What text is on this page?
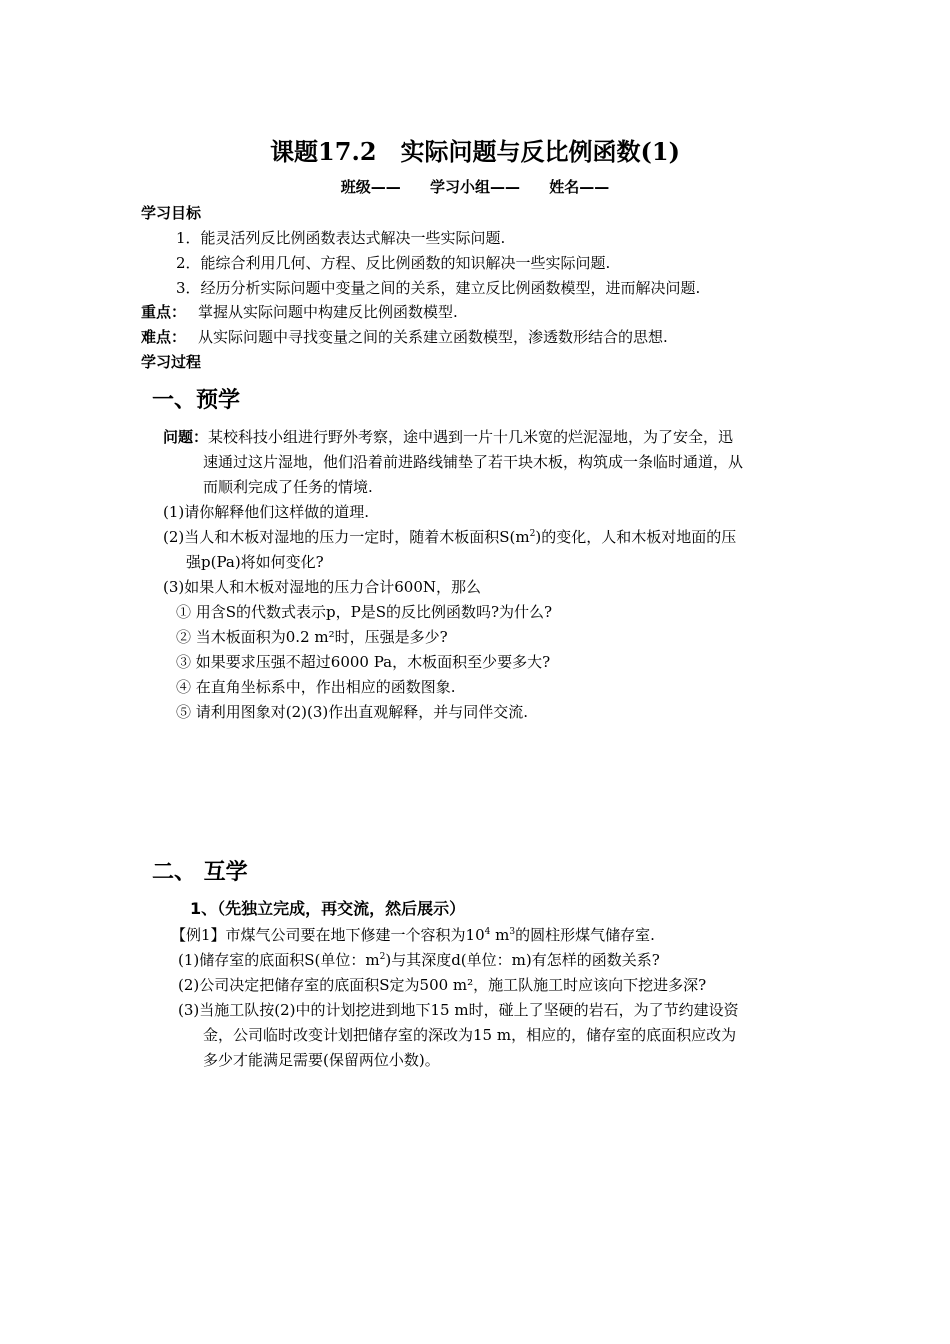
课题17.2　实际问题与反比例函数(1)
班级—— 学习小组—— 姓名——
学习目标
1．能灵活列反比例函数表达式解决一些实际问题.
2．能综合利用几何、方程、反比例函数的知识解决一些实际问题.
3．经历分析实际问题中变量之间的关系，建立反比例函数模型，进而解决问题.
重点： 掌握从实际问题中构建反比例函数模型.
难点： 从实际问题中寻找变量之间的关系建立函数模型，渗透数形结合的思想.
学习过程
一、预学
问题：某校科技小组进行野外考察，途中遇到一片十几米宽的烂泥湿地，为了安全，迅
速通过这片湿地，他们沿着前进路线铺垫了若干块木板，构筑成一条临时通道，从
而顺利完成了任务的情境.
(1)请你解释他们这样做的道理.
(2)当人和木板对湿地的压力一定时，随着木板面积$S(m^2)$的变化，人和木板对地面的压
强p(Pa)将如何变化?
(3)如果人和木板对湿地的压力合计600N，那么
① 用含S的代数式表示p，P是S的反比例函数吗?为什么?
② 当木板面积为0.2 m²时，压强是多少?
③ 如果要求压强不超过6000 Pa，木板面积至少要多大?
④ 在直角坐标系中，作出相应的函数图象.
⑤ 请利用图象对(2)(3)作出直观解释，并与同伴交流.
二、 互学
1、（先独立完成，再交流，然后展示）
【例1】市煤气公司要在地下修建一个容积为$10^4$ $m^3$的圆柱形煤气储存室.
(1)储存室的底面积S(单位：$m^2$)与其深度d(单位：m)有怎样的函数关系?
(2)公司决定把储存室的底面积S定为500 m²，施工队施工时应该向下挖进多深?
(3)当施工队按(2)中的计划挖进到地下15 m时，碰上了坚硬的岩石，为了节约建设资
金，公司临时改变计划把储存室的深改为15 m，相应的，储存室的底面积应改为
多少才能满足需要(保留两位小数)。
